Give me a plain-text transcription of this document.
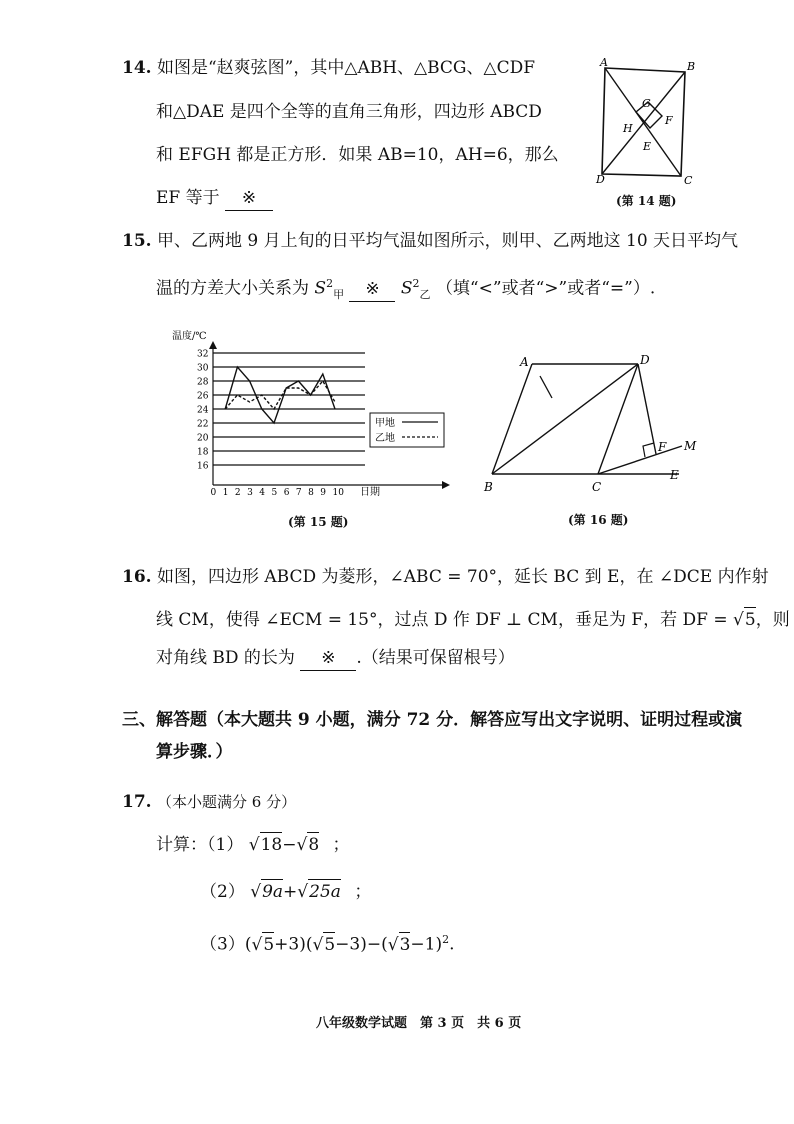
14. 如图是“赵爽弦图”，其中△ABH、△BCG、△CDF
和△DAE 是四个全等的直角三角形，四边形 ABCD
和 EFGH 都是正方形．如果 AB=10，AH=6，那么
EF 等于 ※
A	B
C
D
E
F
G
H
(第 14 题)
15. 甲、乙两地 9 月上旬的日平均气温如图所示，则甲、乙两地这 10 天日平均气
温的方差大小关系为 $S^2_甲$ ※ $S^2_乙$ （填“<”或者“>”或者“=”）.
温度/℃
16
18
20
22
24
26
28
30
32
0 1 2 3 4 5 6 7 8 9 10 日期
甲地
乙地
(第 15 题)
A	D
B	C
E
F M
(第 16 题)
16. 如图，四边形 ABCD 为菱形，∠ABC = 70°，延长 BC 到 E，在 ∠DCE 内作射
线 CM，使得 ∠ECM = 15°，过点 D 作 DF ⊥ CM，垂足为 F，若 DF = √5，则
对角线 BD 的长为 ※ .（结果可保留根号）
三、解答题（本大题共 9 小题，满分 72 分．解答应写出文字说明、证明过程或演
算步骤．）
17. （本小题满分 6 分）
计算：（1） √18−√8 ；
（2） √9a+√25a ；
$(3)(√5+3)(√5-3)-(√3-1)^2$.
八年级数学试题　第 3 页　共 6 页
